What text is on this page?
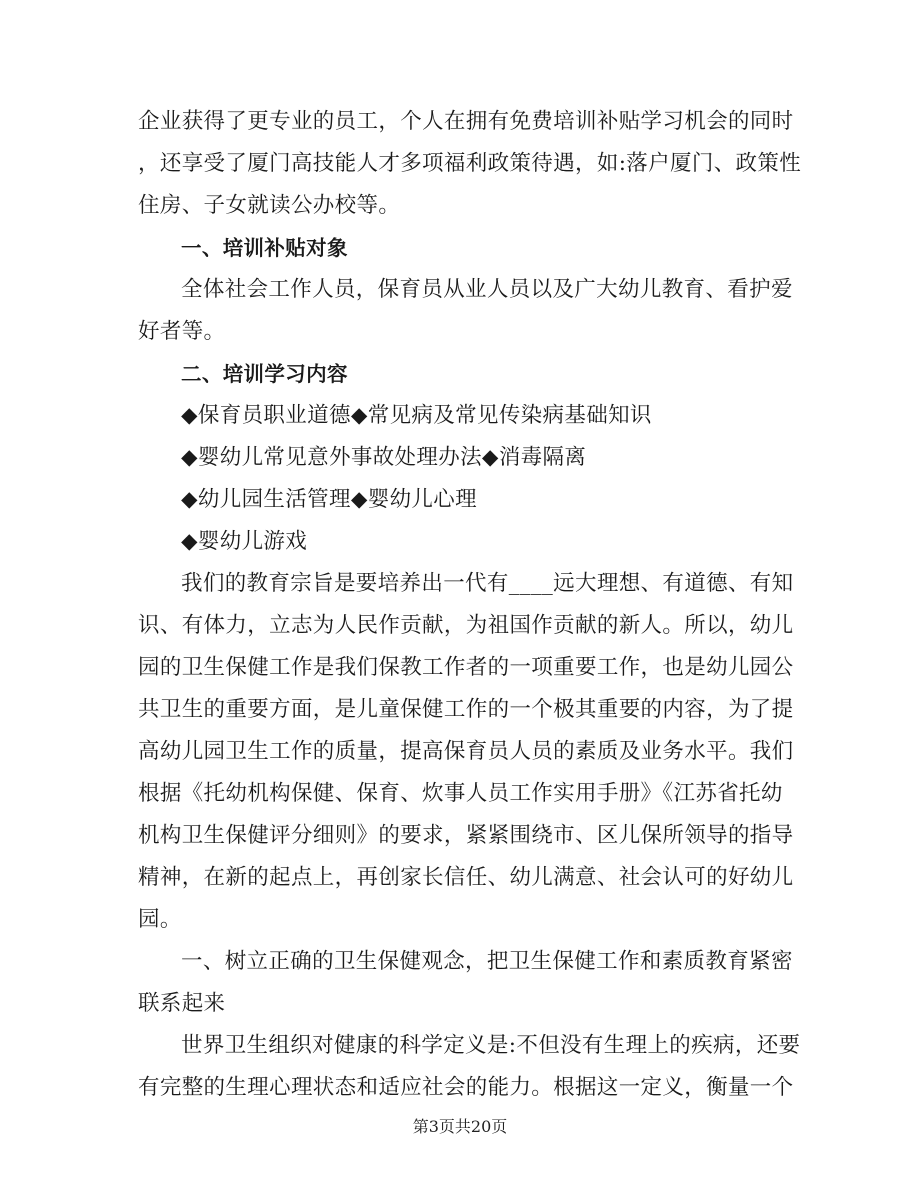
企业获得了更专业的员工，个人在拥有免费培训补贴学习机会的同时
，还享受了厦门高技能人才多项福利政策待遇，如:落户厦门、政策性
住房、子女就读公办校等。
一、培训补贴对象
全体社会工作人员，保育员从业人员以及广大幼儿教育、看护爱
好者等。
二、培训学习内容
◆保育员职业道德◆常见病及常见传染病基础知识
◆婴幼儿常见意外事故处理办法◆消毒隔离
◆幼儿园生活管理◆婴幼儿心理
◆婴幼儿游戏
我们的教育宗旨是要培养出一代有____远大理想、有道德、有知
识、有体力，立志为人民作贡献，为祖国作贡献的新人。所以，幼儿
园的卫生保健工作是我们保教工作者的一项重要工作，也是幼儿园公
共卫生的重要方面，是儿童保健工作的一个极其重要的内容，为了提
高幼儿园卫生工作的质量，提高保育员人员的素质及业务水平。我们
根据《托幼机构保健、保育、炊事人员工作实用手册》《江苏省托幼
机构卫生保健评分细则》的要求，紧紧围绕市、区儿保所领导的指导
精神，在新的起点上，再创家长信任、幼儿满意、社会认可的好幼儿
园。
一、树立正确的卫生保健观念，把卫生保健工作和素质教育紧密
联系起来
世界卫生组织对健康的科学定义是:不但没有生理上的疾病，还要
有完整的生理心理状态和适应社会的能力。根据这一定义，衡量一个
第3页共20页
